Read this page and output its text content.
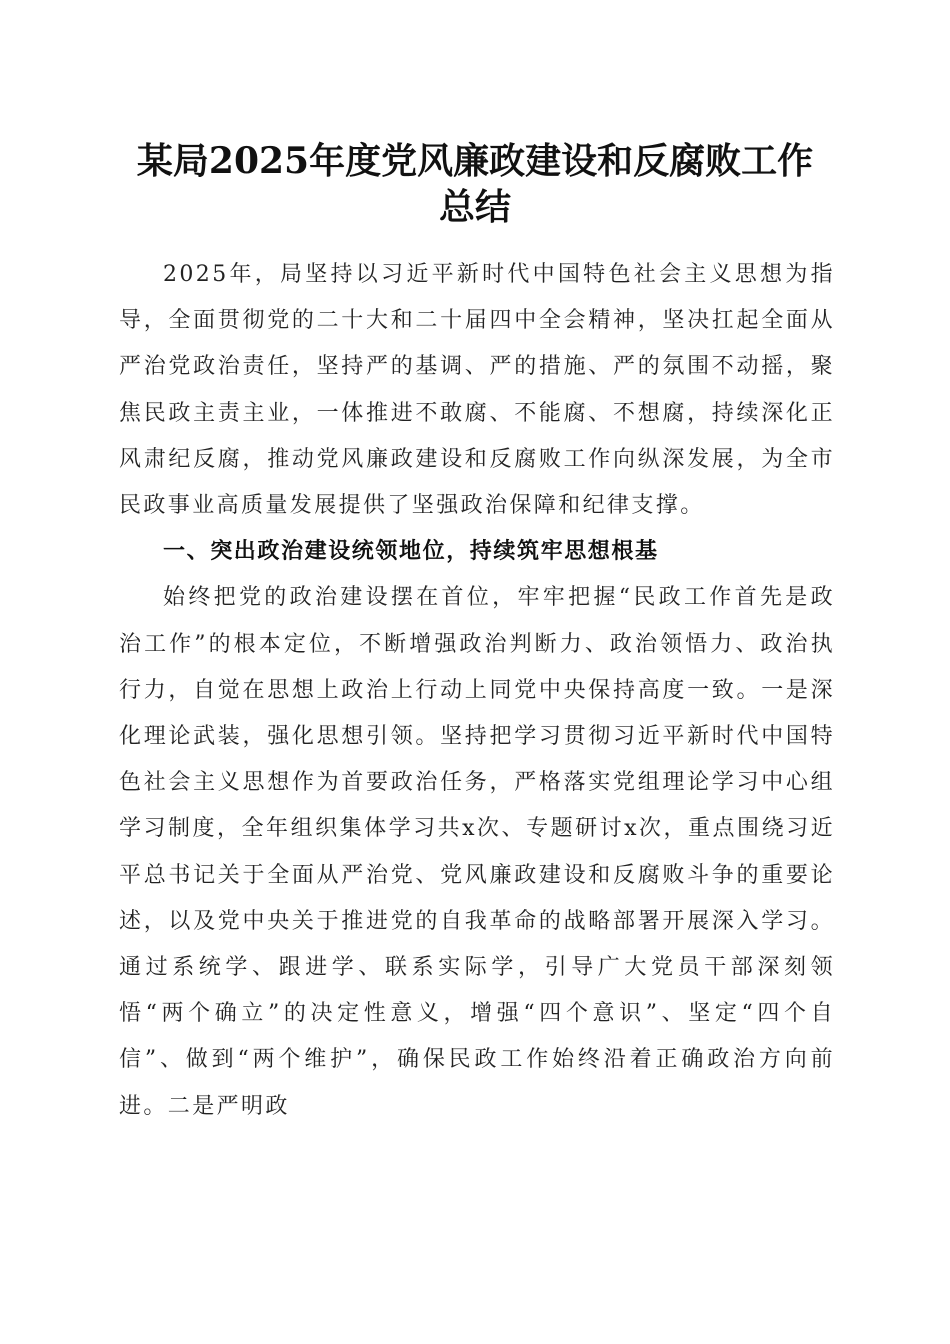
某局2025年度党风廉政建设和反腐败工作总结

2025年，局坚持以习近平新时代中国特色社会主义思想为指导，全面贯彻党的二十大和二十届四中全会精神，坚决扛起全面从严治党政治责任，坚持严的基调、严的措施、严的氛围不动摇，聚焦民政主责主业，一体推进不敢腐、不能腐、不想腐，持续深化正风肃纪反腐，推动党风廉政建设和反腐败工作向纵深发展，为全市民政事业高质量发展提供了坚强政治保障和纪律支撑。

一、突出政治建设统领地位，持续筑牢思想根基

始终把党的政治建设摆在首位，牢牢把握“民政工作首先是政治工作”的根本定位，不断增强政治判断力、政治领悟力、政治执行力，自觉在思想上政治上行动上同党中央保持高度一致。一是深化理论武装，强化思想引领。坚持把学习贯彻习近平新时代中国特色社会主义思想作为首要政治任务，严格落实党组理论学习中心组学习制度，全年组织集体学习共x次、专题研讨x次，重点围绕习近平总书记关于全面从严治党、党风廉政建设和反腐败斗争的重要论述，以及党中央关于推进党的自我革命的战略部署开展深入学习。通过系统学、跟进学、联系实际学，引导广大党员干部深刻领悟“两个确立”的决定性意义，增强“四个意识”、坚定“四个自信”、做到“两个维护”，确保民政工作始终沿着正确政治方向前进。二是严明政
